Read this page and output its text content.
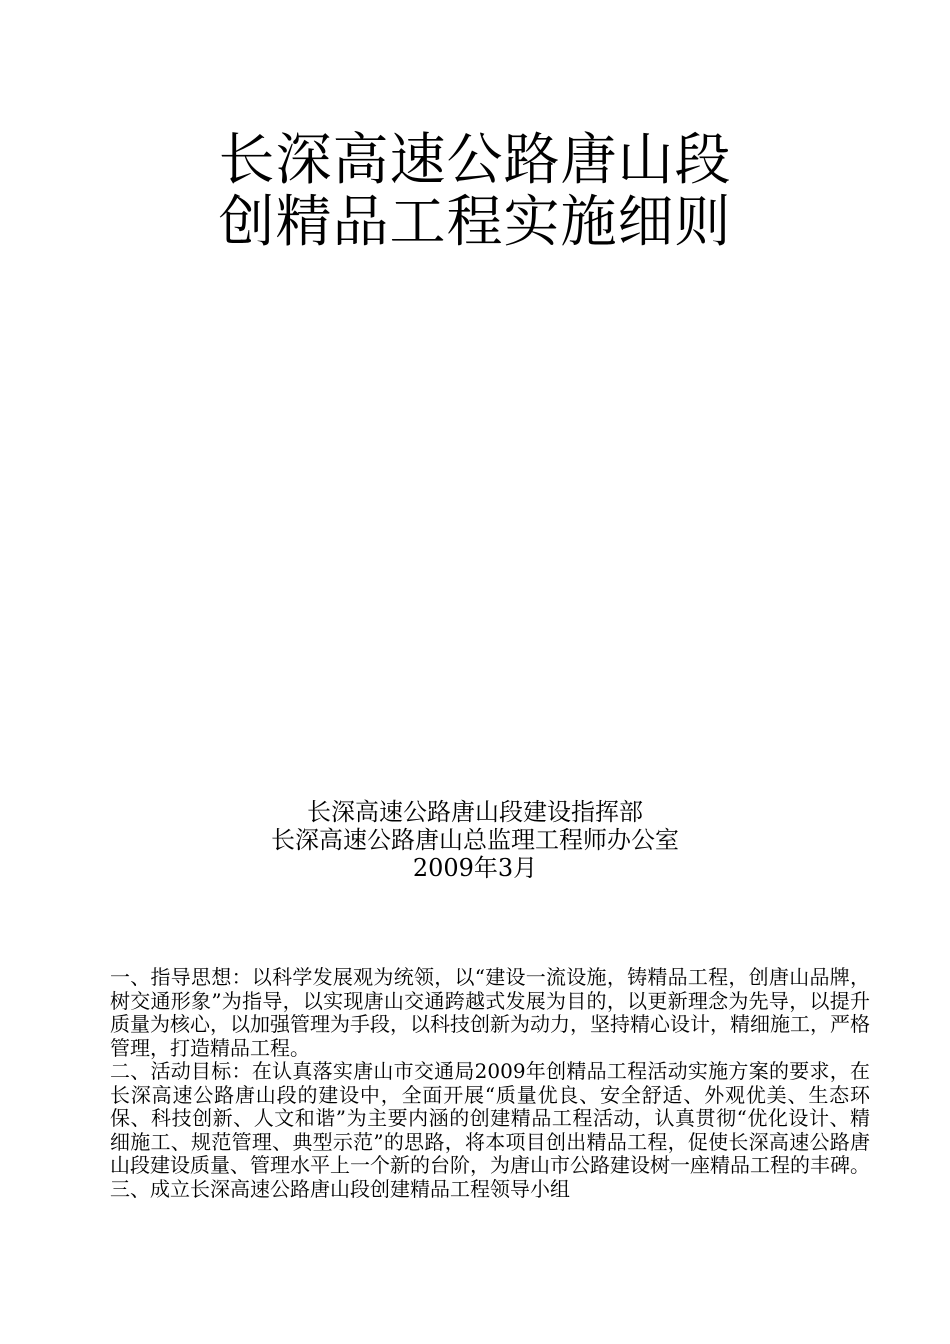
长深高速公路唐山段
创精品工程实施细则
长深高速公路唐山段建设指挥部
长深高速公路唐山总监理工程师办公室
2009年3月

一、指导思想：以科学发展观为统领，以“建设一流设施，铸精品工程，创唐山品牌，树交通形象”为指导，以实现唐山交通跨越式发展为目的，以更新理念为先导，以提升质量为核心，以加强管理为手段，以科技创新为动力，坚持精心设计，精细施工，严格管理，打造精品工程。

二、活动目标：在认真落实唐山市交通局2009年创精品工程活动实施方案的要求，在长深高速公路唐山段的建设中，全面开展“质量优良、安全舒适、外观优美、生态环保、科技创新、人文和谐”为主要内涵的创建精品工程活动，认真贯彻“优化设计、精细施工、规范管理、典型示范”的思路，将本项目创出精品工程，促使长深高速公路唐山段建设质量、管理水平上一个新的台阶，为唐山市公路建设树一座精品工程的丰碑。

三、成立长深高速公路唐山段创建精品工程领导小组
